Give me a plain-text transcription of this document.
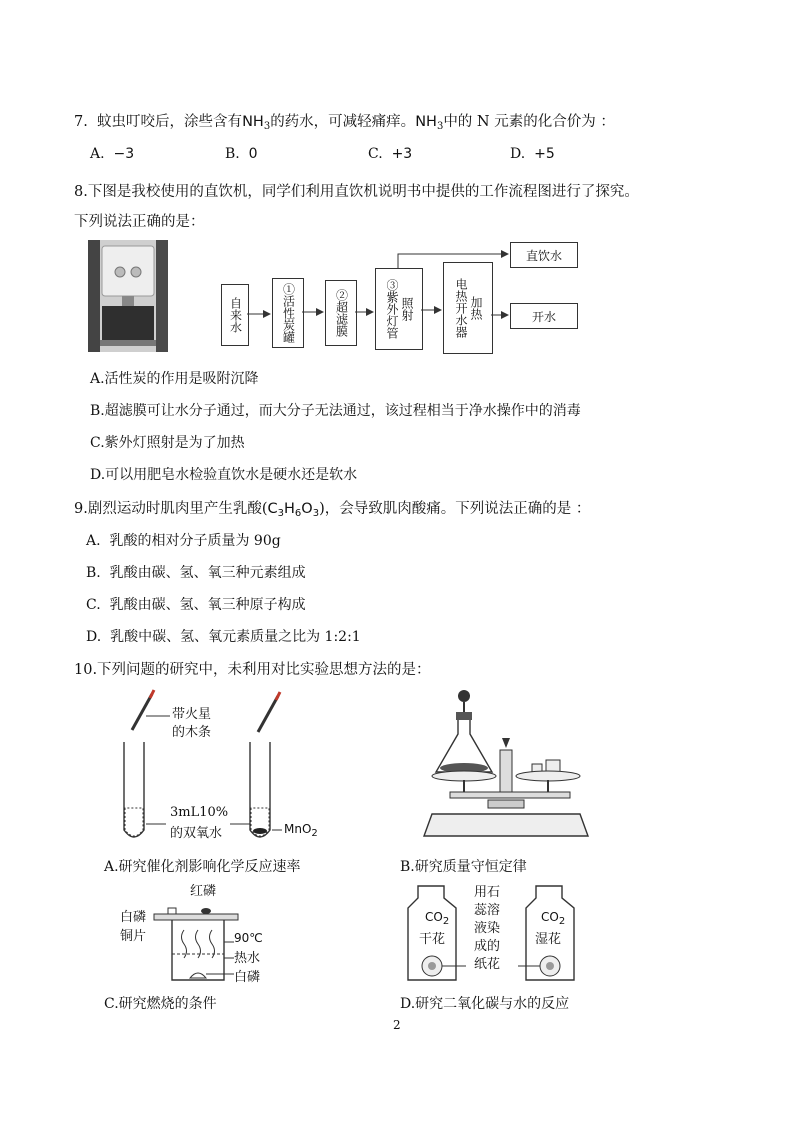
7. 蚊虫叮咬后，涂些含有$NH_3$的药水，可减轻痛痒。$NH_3$中的 N 元素的化合价为 ：
A. −3	B. 0	C. +3	D. +5
8.下图是我校使用的直饮机，同学们利用直饮机说明书中提供的工作流程图进行了探究。
下列说法正确的是：
自来水	①活性炭罐	②超滤膜	③紫外灯管 照射	电热开水器 加热
直饮水
开水
A.活性炭的作用是吸附沉降
B.超滤膜可让水分子通过，而大分子无法通过，该过程相当于净水操作中的消毒
C.紫外灯照射是为了加热
D.可以用肥皂水检验直饮水是硬水还是软水
9.剧烈运动时肌肉里产生乳酸$(C_3H_6O_3)$，会导致肌肉酸痛。下列说法正确的是 ：
A. 乳酸的相对分子质量为 90g
B. 乳酸由碳、氢、氧三种元素组成
C. 乳酸由碳、氢、氧三种原子构成
D. 乳酸中碳、氢、氧元素质量之比为 1:2:1
10.下列问题的研究中，未利用对比实验思想方法的是：
带火星
的木条
3mL10%
的双氧水	MnO$_2$
A.研究催化剂影响化学反应速率	B.研究质量守恒定律
红磷
白磷
铜片	90℃
热水
白磷
C.研究燃烧的条件
$CO_2$
干花
$CO_2$
湿花
用石
蕊溶
液染
成的
纸花
D.研究二氧化碳与水的反应
2
